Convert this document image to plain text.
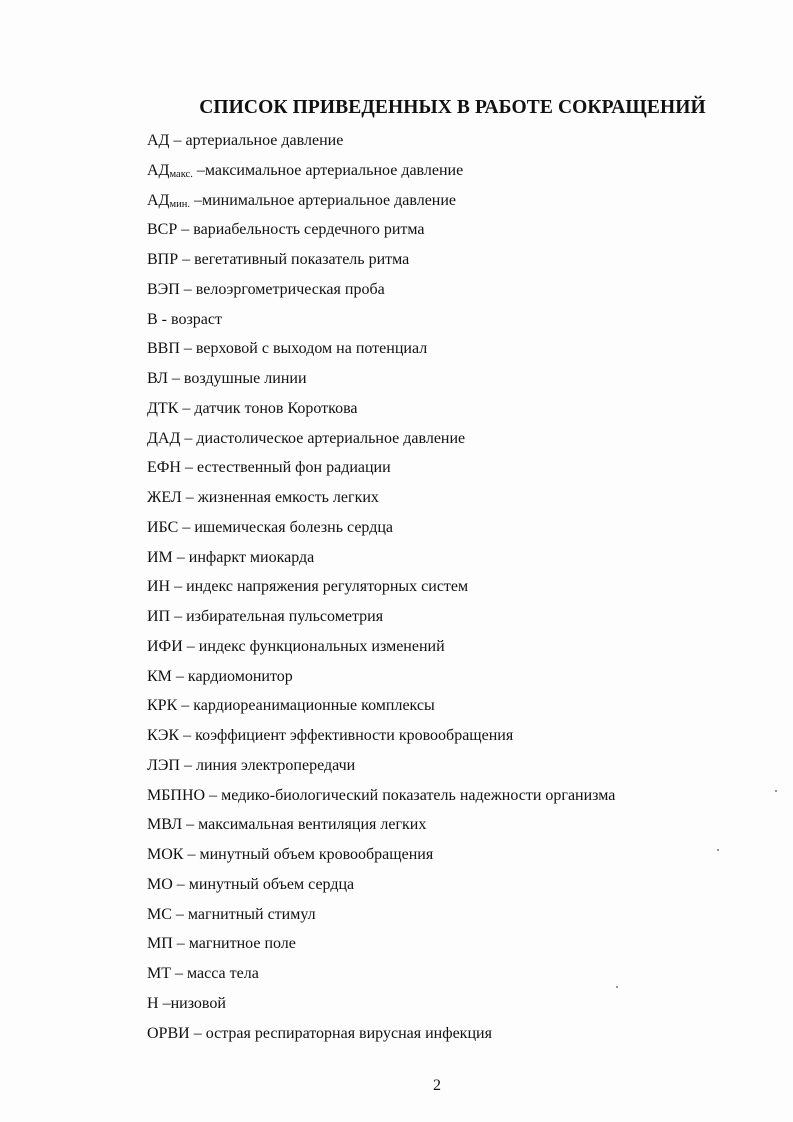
СПИСОК ПРИВЕДЕННЫХ В РАБОТЕ СОКРАЩЕНИЙ
АД – артериальное давление
АДмакс. –максимальное артериальное давление
АДмин. –минимальное артериальное давление
ВСР – вариабельность сердечного ритма
ВПР – вегетативный показатель ритма
ВЭП – велоэргометрическая проба
В - возраст
ВВП – верховой с выходом на потенциал
ВЛ – воздушные линии
ДТК – датчик тонов Короткова
ДАД – диастолическое артериальное давление
ЕФН – естественный фон радиации
ЖЕЛ – жизненная емкость легких
ИБС – ишемическая болезнь сердца
ИМ – инфаркт миокарда
ИН – индекс напряжения регуляторных систем
ИП – избирательная пульсометрия
ИФИ – индекс функциональных изменений
КМ – кардиомонитор
КРК – кардиореанимационные комплексы
КЭК – коэффициент эффективности кровообращения
ЛЭП – линия электропередачи
МБПНО – медико-биологический показатель надежности организма
МВЛ – максимальная вентиляция легких
МОК – минутный объем кровообращения
МО – минутный объем сердца
МС – магнитный стимул
МП – магнитное поле
МТ – масса тела
Н –низовой
ОРВИ – острая респираторная вирусная инфекция
2
